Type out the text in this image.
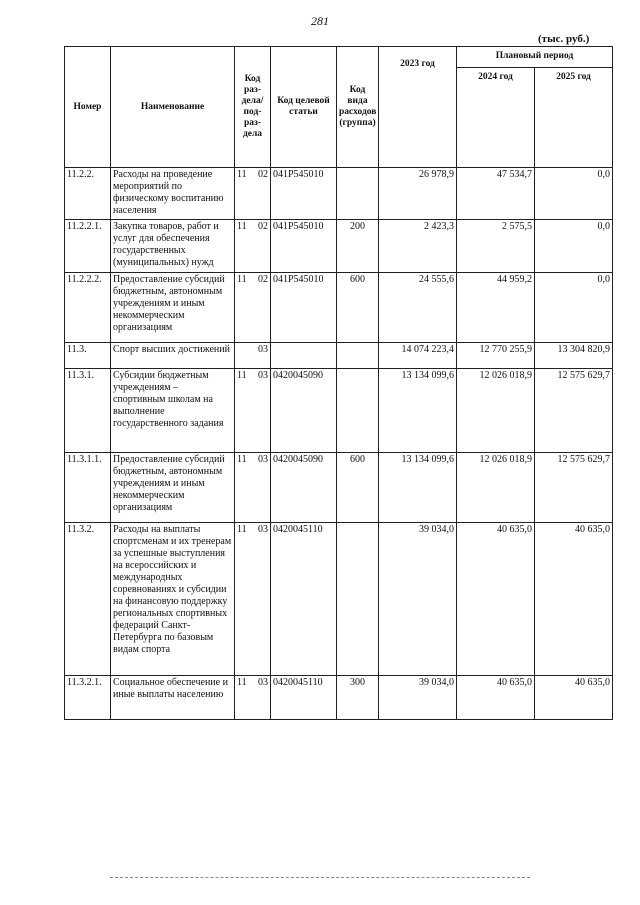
281
(тыс. руб.)
Номер	Наименование	Код раз-дела/ под-раз-дела	Код целевой статьи	Код вида расходов (группа)	2023 год	Плановый период	
						2024 год	2025 год
11.2.2.	Расходы на проведение мероприятий по физическому воспитанию населения	11 02	041P545010		26 978,9	47 534,7	0,0
11.2.2.1.	Закупка товаров, работ и услуг для обеспечения государственных (муниципальных) нужд	11 02	041P545010	200	2 423,3	2 575,5	0,0
11.2.2.2.	Предоставление субсидий бюджетным, автономным учреждениям и иным некоммерческим организациям	11 02	041P545010	600	24 555,6	44 959,2	0,0
11.3.	Спорт высших достижений	03			14 074 223,4	12 770 255,9	13 304 820,9
11.3.1.	Субсидии бюджетным учреждениям – спортивным школам на выполнение государственного задания	11 03	0420045090		13 134 099,6	12 026 018,9	12 575 629,7
11.3.1.1.	Предоставление субсидий бюджетным, автономным учреждениям и иным некоммерческим организациям	11 03	0420045090	600	13 134 099,6	12 026 018,9	12 575 629,7
11.3.2.	Расходы на выплаты спортсменам и их тренерам за успешные выступления на всероссийских и международных соревнованиях и субсидии на финансовую поддержку региональных спортивных федераций Санкт-Петербурга по базовым видам спорта	11 03	0420045110		39 034,0	40 635,0	40 635,0
11.3.2.1.	Социальное обеспечение и иные выплаты населению	11 03	0420045110	300	39 034,0	40 635,0	40 635,0
